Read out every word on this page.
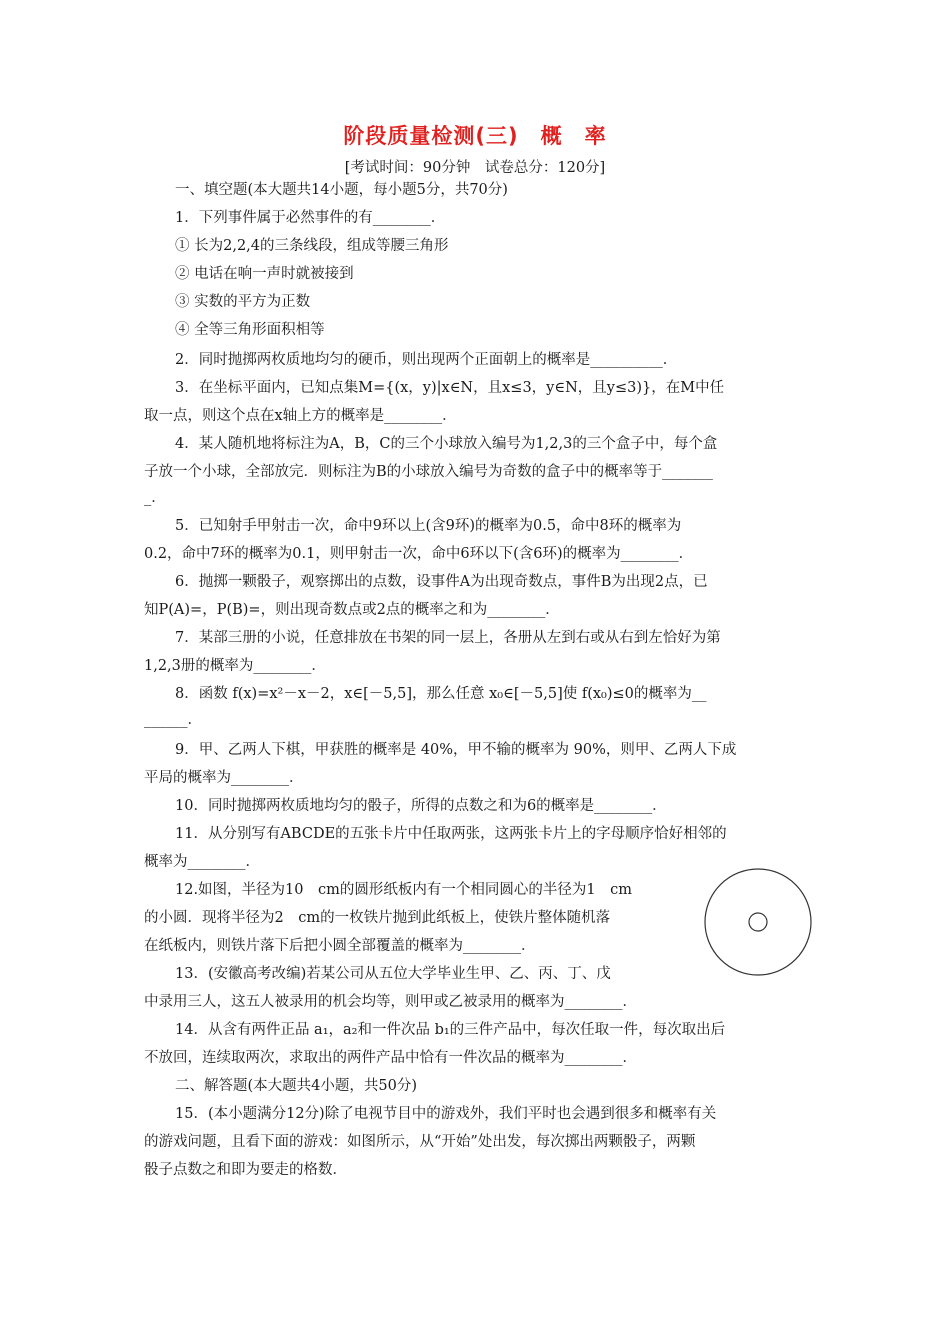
阶段质量检测(三)　概　率
[考试时间：90分钟　试卷总分：120分]
一、填空题(本大题共14小题，每小题5分，共70分)
1．下列事件属于必然事件的有________．
① 长为2,2,4的三条线段，组成等腰三角形
② 电话在响一声时就被接到
③ 实数的平方为正数
④ 全等三角形面积相等
2．同时抛掷两枚质地均匀的硬币，则出现两个正面朝上的概率是__________．
3．在坐标平面内，已知点集M={(x，y)|x∈N，且x≤3，y∈N，且y≤3)}，在M中任
取一点，则这个点在x轴上方的概率是________．
4．某人随机地将标注为A，B，C的三个小球放入编号为1,2,3的三个盒子中，每个盒
子放一个小球，全部放完．则标注为B的小球放入编号为奇数的盒子中的概率等于_______
_．
5．已知射手甲射击一次，命中9环以上(含9环)的概率为0.5，命中8环的概率为
0.2，命中7环的概率为0.1，则甲射击一次，命中6环以下(含6环)的概率为________．
6．抛掷一颗骰子，观察掷出的点数，设事件A为出现奇数点，事件B为出现2点，已
知P(A)=，P(B)=，则出现奇数点或2点的概率之和为________．
7．某部三册的小说，任意排放在书架的同一层上，各册从左到右或从右到左恰好为第
1,2,3册的概率为________．
8．函数 f(x)=x²－x－2，x∈[－5,5]，那么任意 x₀∈[－5,5]使 f(x₀)≤0的概率为__
______．
9．甲、乙两人下棋，甲获胜的概率是 40%，甲不输的概率为 90%，则甲、乙两人下成
平局的概率为________．
10．同时抛掷两枚质地均匀的骰子，所得的点数之和为6的概率是________．
11．从分别写有ABCDE的五张卡片中任取两张，这两张卡片上的字母顺序恰好相邻的
概率为________．
12.如图，半径为10　cm的圆形纸板内有一个相同圆心的半径为1　cm
的小圆．现将半径为2　cm的一枚铁片抛到此纸板上，使铁片整体随机落
在纸板内，则铁片落下后把小圆全部覆盖的概率为________．
13．(安徽高考改编)若某公司从五位大学毕业生甲、乙、丙、丁、戊
中录用三人，这五人被录用的机会均等，则甲或乙被录用的概率为________．
14．从含有两件正品 a₁，a₂和一件次品 b₁的三件产品中，每次任取一件，每次取出后
不放回，连续取两次，求取出的两件产品中恰有一件次品的概率为________．
二、解答题(本大题共4小题，共50分)
15．(本小题满分12分)除了电视节目中的游戏外，我们平时也会遇到很多和概率有关
的游戏问题，且看下面的游戏：如图所示，从“开始”处出发，每次掷出两颗骰子，两颗
骰子点数之和即为要走的格数．
